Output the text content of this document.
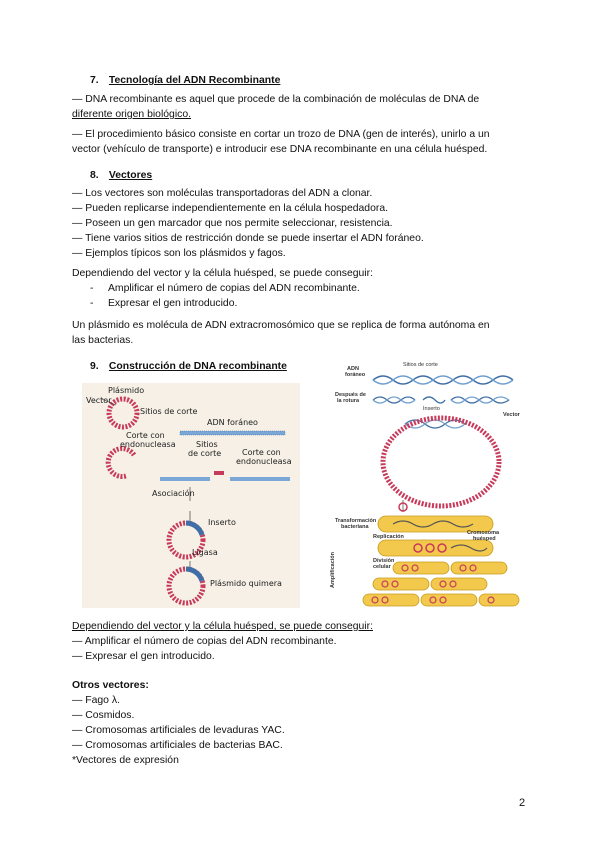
7. Tecnología del ADN Recombinante
— DNA recombinante es aquel que procede de la combinación de moléculas de DNA de
diferente origen biológico.
— El procedimiento básico consiste en cortar un trozo de DNA (gen de interés), unirlo a un
vector (vehículo de transporte) e introducir ese DNA recombinante en una célula huésped.
8. Vectores
— Los vectores son moléculas transportadoras del ADN a clonar.
— Pueden replicarse independientemente en la célula hospedadora.
— Poseen un gen marcador que nos permite seleccionar, resistencia.
— Tiene varios sitios de restricción donde se puede insertar el ADN foráneo.
— Ejemplos típicos son los plásmidos y fagos.
Dependiendo del vector y la célula huésped, se puede conseguir:
- Amplificar el número de copias del ADN recombinante.
- Expresar el gen introducido.
Un plásmido es molécula de ADN extracromosómico que se replica de forma autónoma en
las bacterias.
9. Construcción de DNA recombinante
Plásmido
Vector
Sitios de corte
ADN foráneo
Corte con
endonucleasa	Sitios
de corte	Corte con
endonucleasa
Asociación
Inserto
Ligasa
Plásmido quimera
Sitios de corte
ADN
foráneo
Después de
la rotura
Inserto
Vector
Transformación
bacteriana
Replicación
Cromosoma
huésped
División
celular
Amplificación
Dependiendo del vector y la célula huésped, se puede conseguir:
— Amplificar el número de copias del ADN recombinante.
— Expresar el gen introducido.
Otros vectores:
— Fago λ.
— Cosmidos.
— Cromosomas artificiales de levaduras YAC.
— Cromosomas artificiales de bacterias BAC.
*Vectores de expresión
2
